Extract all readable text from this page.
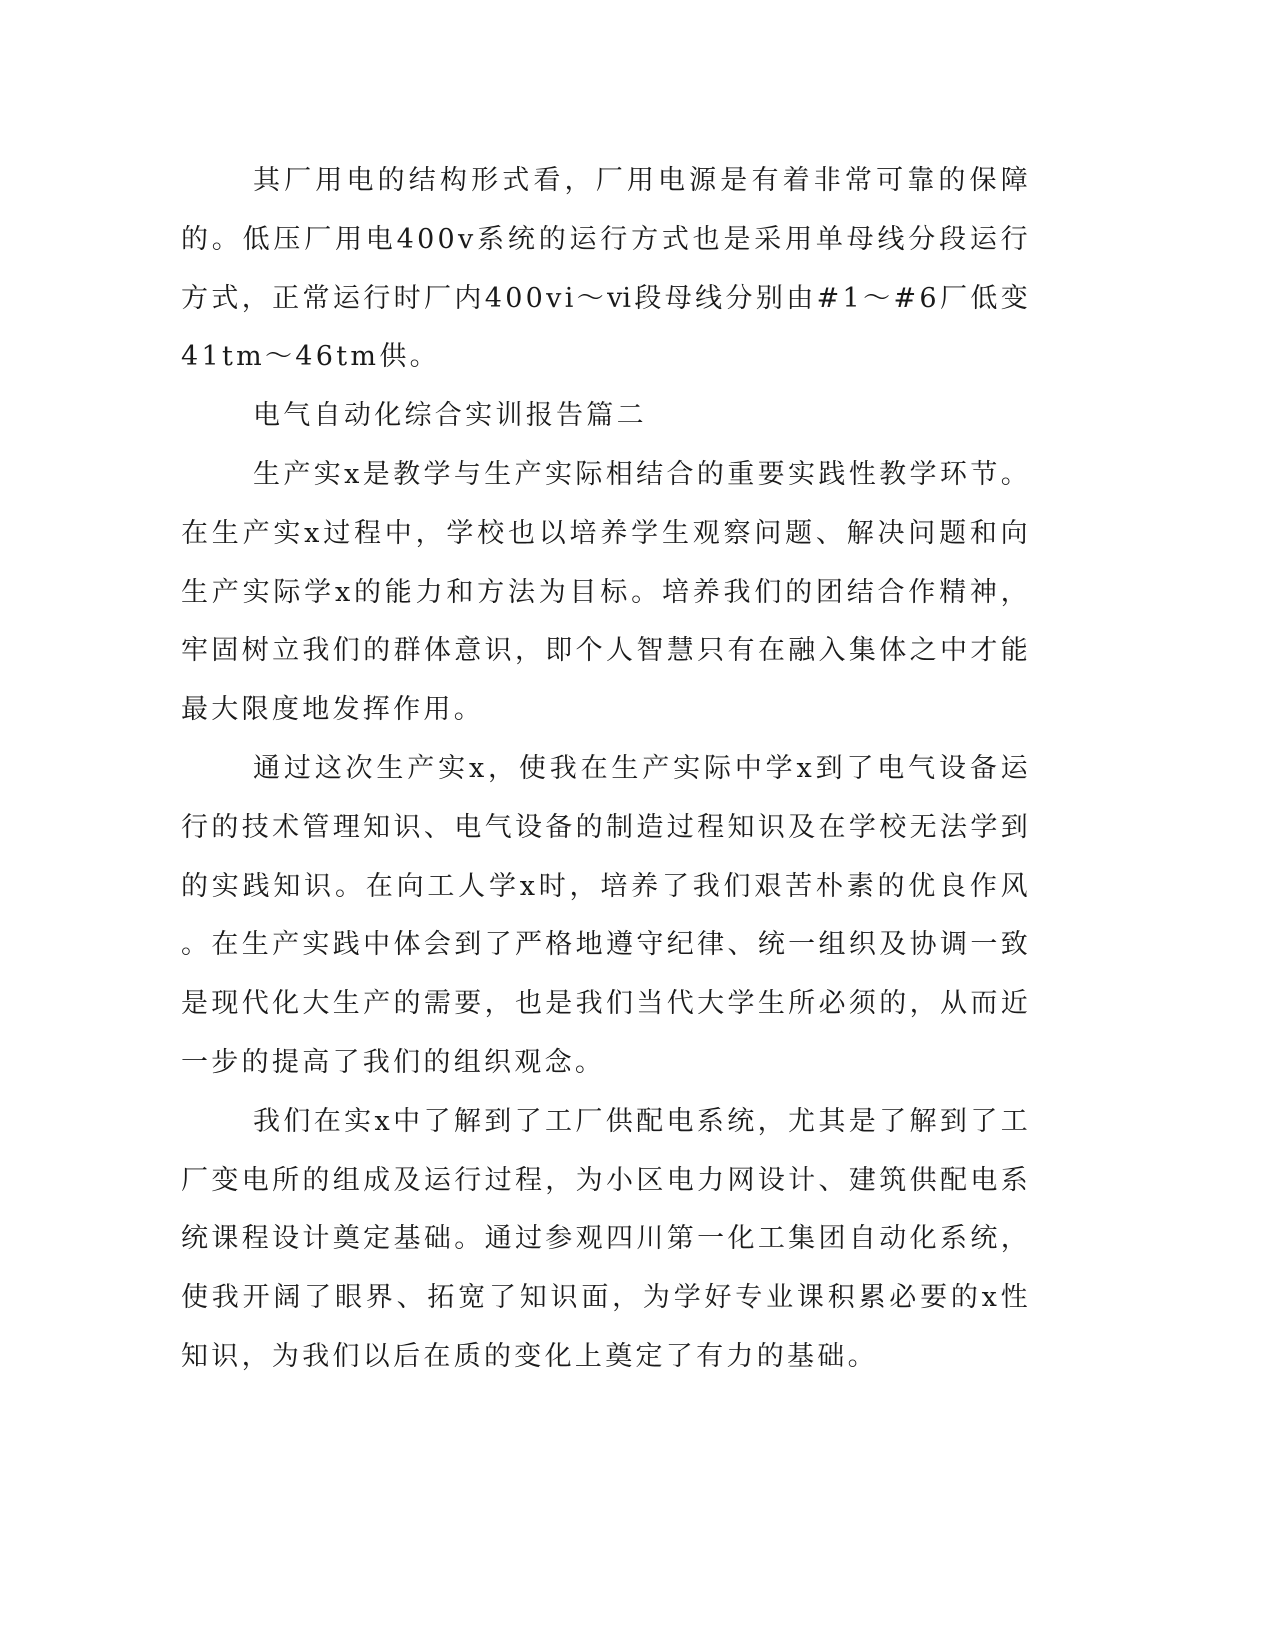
其厂用电的结构形式看，厂用电源是有着非常可靠的保障的。低压厂用电400v系统的运行方式也是采用单母线分段运行方式，正常运行时厂内400vⅰ～ⅵ段母线分别由#1～#6厂低变41tm～46tm供。

电气自动化综合实训报告篇二

生产实x是教学与生产实际相结合的重要实践性教学环节。在生产实x过程中，学校也以培养学生观察问题、解决问题和向生产实际学x的能力和方法为目标。培养我们的团结合作精神，牢固树立我们的群体意识，即个人智慧只有在融入集体之中才能最大限度地发挥作用。

通过这次生产实x，使我在生产实际中学x到了电气设备运行的技术管理知识、电气设备的制造过程知识及在学校无法学到的实践知识。在向工人学x时，培养了我们艰苦朴素的优良作风。在生产实践中体会到了严格地遵守纪律、统一组织及协调一致是现代化大生产的需要，也是我们当代大学生所必须的，从而近一步的提高了我们的组织观念。

我们在实x中了解到了工厂供配电系统，尤其是了解到了工厂变电所的组成及运行过程，为小区电力网设计、建筑供配电系统课程设计奠定基础。通过参观四川第一化工集团自动化系统，使我开阔了眼界、拓宽了知识面，为学好专业课积累必要的x性知识，为我们以后在质的变化上奠定了有力的基础。
